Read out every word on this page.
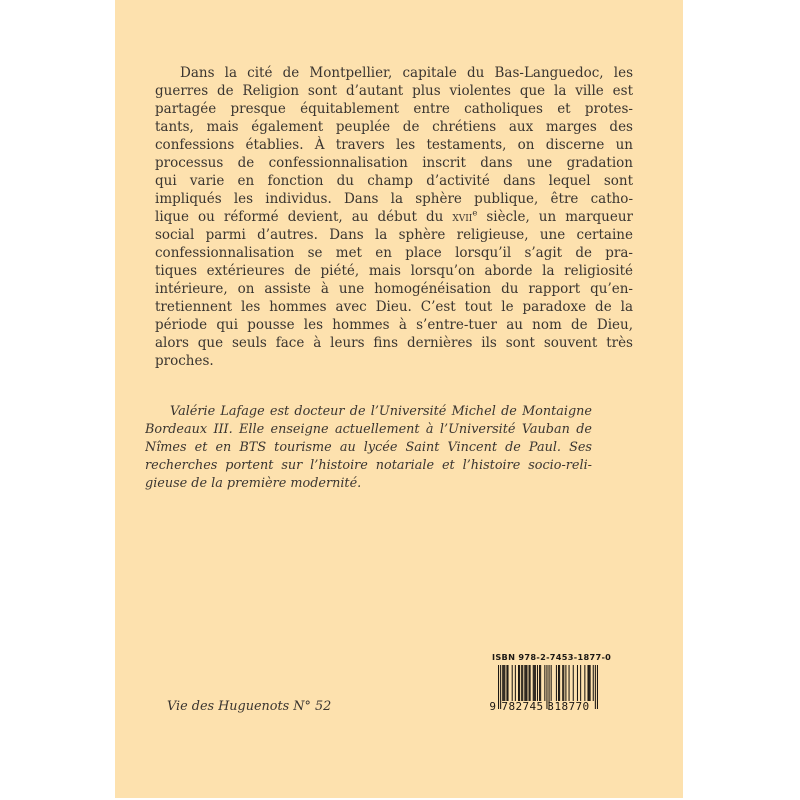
Dans la cité de Montpellier, capitale du Bas-Languedoc, les
guerres de Religion sont d’autant plus violentes que la ville est
partagée presque équitablement entre catholiques et protes-
tants, mais également peuplée de chrétiens aux marges des
confessions établies. À travers les testaments, on discerne un
processus de confessionnalisation inscrit dans une gradation
qui varie en fonction du champ d’activité dans lequel sont
impliqués les individus. Dans la sphère publique, être catho-
lique ou réformé devient, au début du xvii$^e$ siècle, un marqueur
social parmi d’autres. Dans la sphère religieuse, une certaine
confessionnalisation se met en place lorsqu’il s’agit de pra-
tiques extérieures de piété, mais lorsqu’on aborde la religiosité
intérieure, on assiste à une homogénéisation du rapport qu’en-
tretiennent les hommes avec Dieu. C’est tout le paradoxe de la
période qui pousse les hommes à s’entre-tuer au nom de Dieu,
alors que seuls face à leurs fins dernières ils sont souvent très
proches.
Valérie Lafage est docteur de l’Université Michel de Montaigne
Bordeaux III. Elle enseigne actuellement à l’Université Vauban de
Nîmes et en BTS tourisme au lycée Saint Vincent de Paul. Ses
recherches portent sur l’histoire notariale et l’histoire socio-reli-
gieuse de la première modernité.
Vie des Huguenots N° 52
ISBN 978-2-7453-1877-0
9 782745 318770
